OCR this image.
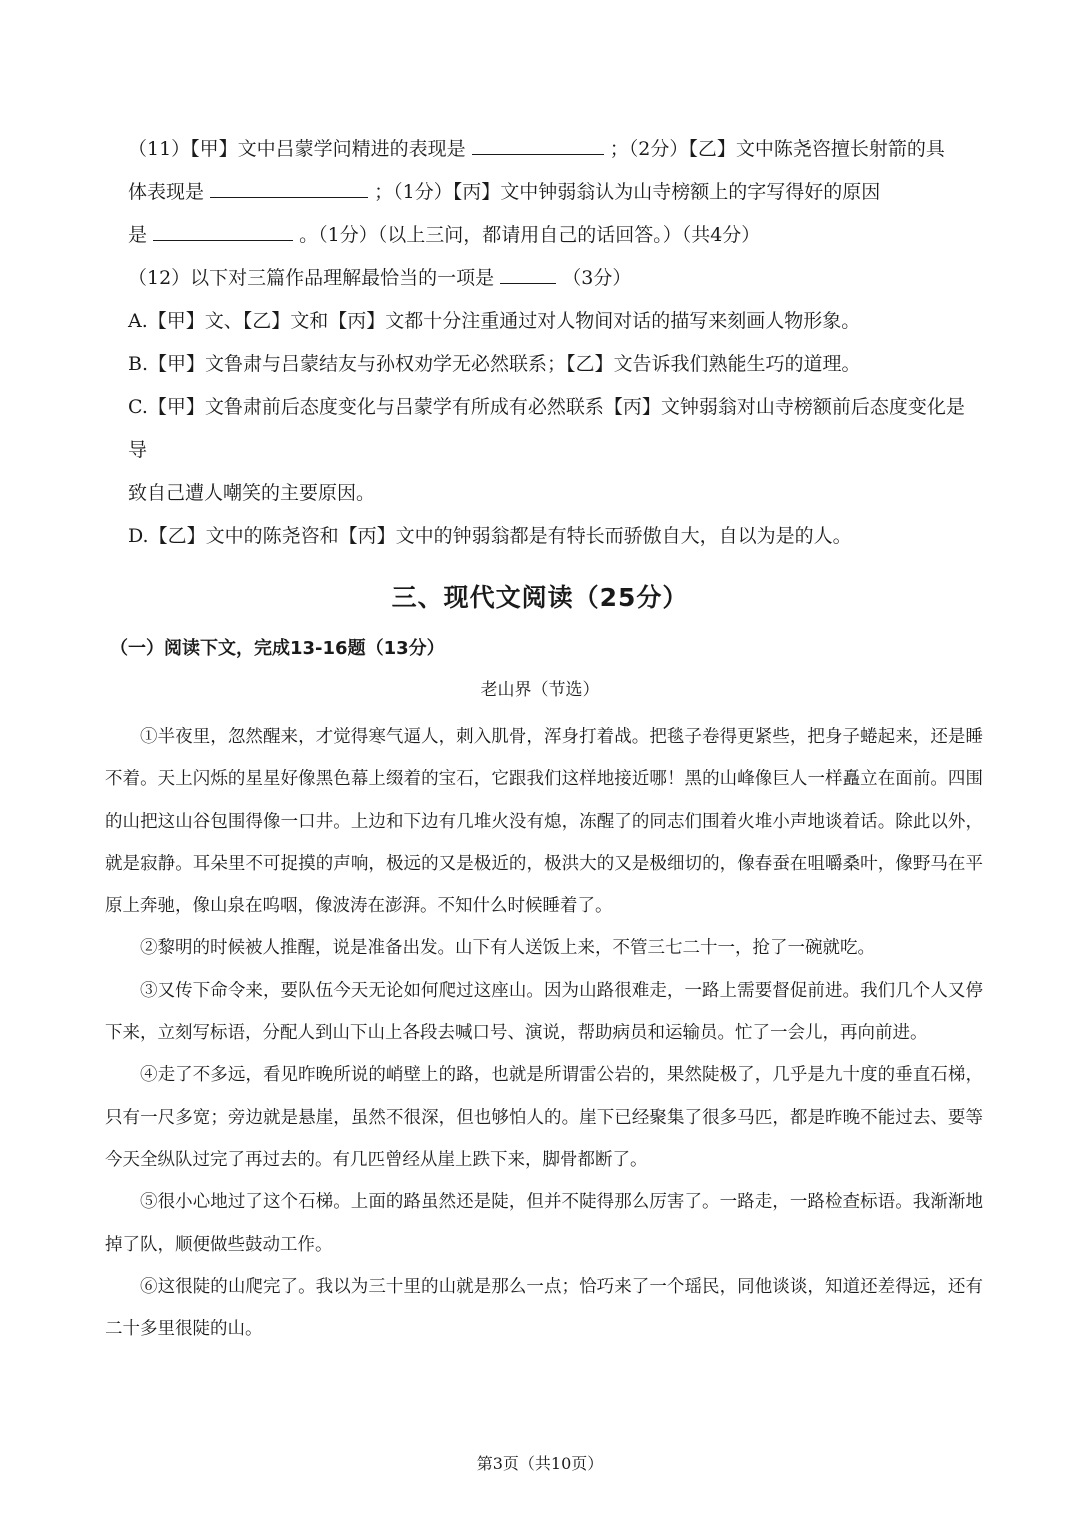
（11）【甲】文中吕蒙学问精进的表现是	；（2分）【乙】文中陈尧咨擅长射箭的具

体表现是	；（1分）【丙】文中钟弱翁认为山寺榜额上的字写得好的原因

是	。（1分）（以上三问，都请用自己的话回答。）（共4分）

（12）以下对三篇作品理解最恰当的一项是	（3分）

A.【甲】文、【乙】文和【丙】文都十分注重通过对人物间对话的描写来刻画人物形象。

B.【甲】文鲁肃与吕蒙结友与孙权劝学无必然联系；【乙】文告诉我们熟能生巧的道理。

C.【甲】文鲁肃前后态度变化与吕蒙学有所成有必然联系【丙】文钟弱翁对山寺榜额前后态度变化是导

致自己遭人嘲笑的主要原因。

D.【乙】文中的陈尧咨和【丙】文中的钟弱翁都是有特长而骄傲自大，自以为是的人。

三、现代文阅读（25分）
（一）阅读下文，完成13-16题（13分）
老山界（节选）

①半夜里，忽然醒来，才觉得寒气逼人，刺入肌骨，浑身打着战。把毯子卷得更紧些，把身子蜷起来，还是睡不着。天上闪烁的星星好像黑色幕上缀着的宝石，它跟我们这样地接近哪！黑的山峰像巨人一样矗立在面前。四围的山把这山谷包围得像一口井。上边和下边有几堆火没有熄，冻醒了的同志们围着火堆小声地谈着话。除此以外，就是寂静。耳朵里不可捉摸的声响，极远的又是极近的，极洪大的又是极细切的，像春蚕在咀嚼桑叶，像野马在平原上奔驰，像山泉在呜咽，像波涛在澎湃。不知什么时候睡着了。

②黎明的时候被人推醒，说是准备出发。山下有人送饭上来，不管三七二十一，抢了一碗就吃。

③又传下命令来，要队伍今天无论如何爬过这座山。因为山路很难走，一路上需要督促前进。我们几个人又停下来，立刻写标语，分配人到山下山上各段去喊口号、演说，帮助病员和运输员。忙了一会儿，再向前进。

④走了不多远，看见昨晚所说的峭壁上的路，也就是所谓雷公岩的，果然陡极了，几乎是九十度的垂直石梯，只有一尺多宽；旁边就是悬崖，虽然不很深，但也够怕人的。崖下已经聚集了很多马匹，都是昨晚不能过去、要等今天全纵队过完了再过去的。有几匹曾经从崖上跌下来，脚骨都断了。

⑤很小心地过了这个石梯。上面的路虽然还是陡，但并不陡得那么厉害了。一路走，一路检查标语。我渐渐地掉了队，顺便做些鼓动工作。

⑥这很陡的山爬完了。我以为三十里的山就是那么一点；恰巧来了一个瑶民，同他谈谈，知道还差得远，还有二十多里很陡的山。

第3页（共10页）
